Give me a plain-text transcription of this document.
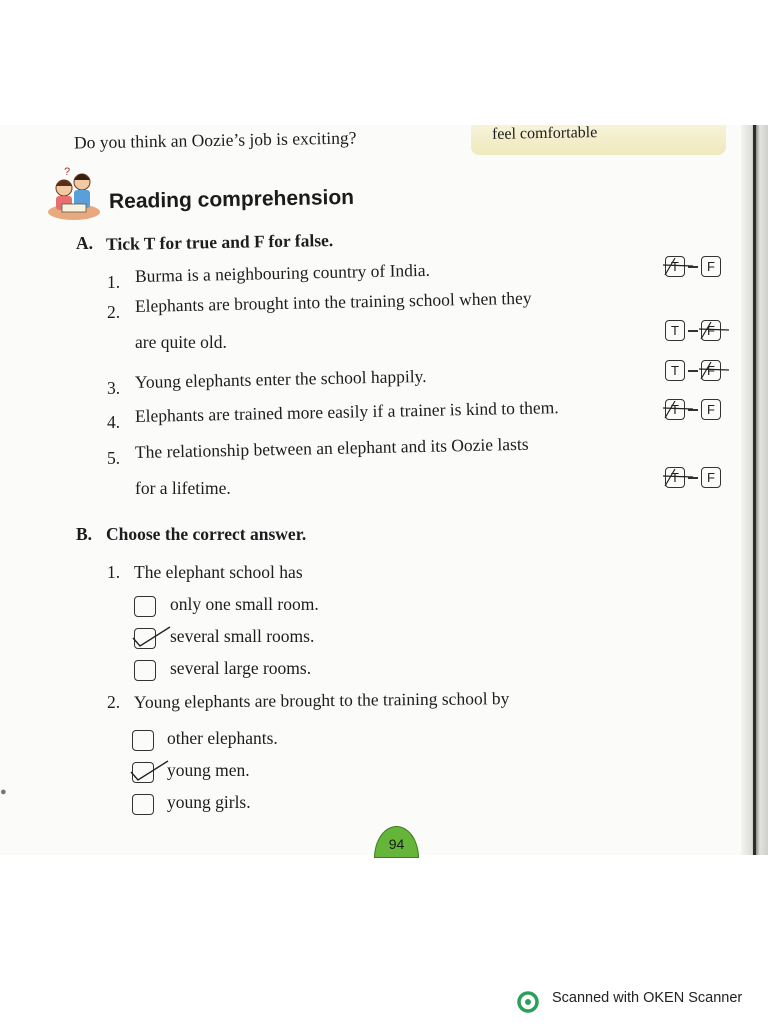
feel comfortable
Do you think an Oozie’s job is exciting?
?
Reading comprehension
A. Tick T for true and F for false.
1. Burma is a neighbouring country of India.	T	F
2. Elephants are brought into the training school when they
are quite old.
T	F
3. Young elephants enter the school happily.	T	F
4. Elephants are trained more easily if a trainer is kind to them.	T	F
5. The relationship between an elephant and its Oozie lasts
for a lifetime.
T	F
B. Choose the correct answer.
1. The elephant school has
only one small room.
several small rooms.
several large rooms.
2. Young elephants are brought to the training school by
other elephants.
young men.
young girls.
94
●
Scanned with OKEN Scanner
